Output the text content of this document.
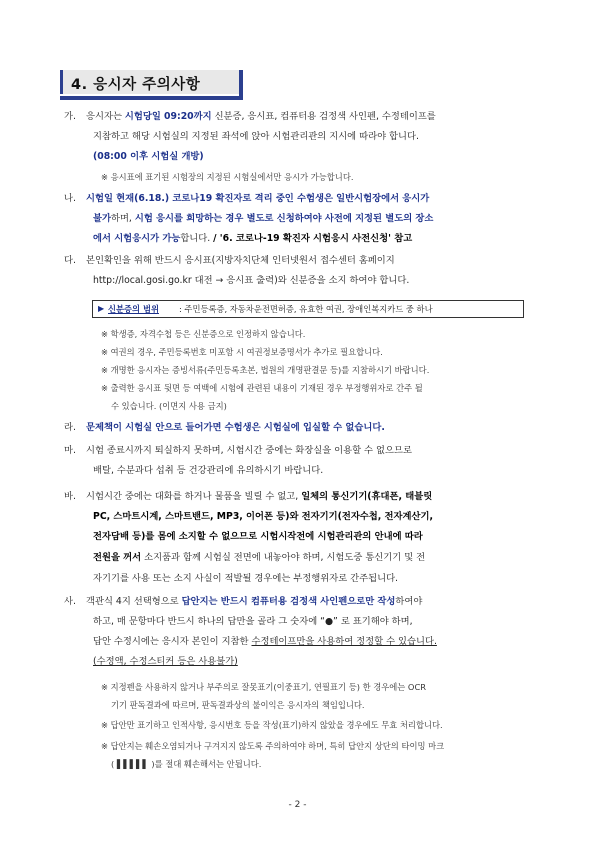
4. 응시자 주의사항
가. 응시자는 시험당일 09:20까지 신분증, 응시표, 컴퓨터용 검정색 사인펜, 수정테이프를
지참하고 해당 시험실의 지정된 좌석에 앉아 시험관리관의 지시에 따라야 합니다.
(08:00 이후 시험실 개방)
※ 응시표에 표기된 시험장의 지정된 시험실에서만 응시가 가능합니다.
나. 시험일 현재(6.18.) 코로나19 확진자로 격리 중인 수험생은 일반시험장에서 응시가
불가하며, 시험 응시를 희망하는 경우 별도로 신청하여야 사전에 지정된 별도의 장소
에서 시험응시가 가능합니다. / '6. 코로나-19 확진자 시험응시 사전신청' 참고
다. 본인확인을 위해 반드시 응시표(지방자치단체 인터넷원서 접수센터 홈페이지
http://local.gosi.go.kr 대전 → 응시표 출력)와 신분증을 소지 하여야 합니다.
▶ 신분증의 범위 : 주민등록증, 자동차운전면허증, 유효한 여권, 장애인복지카드 중 하나
※ 학생증, 자격수첩 등은 신분증으로 인정하지 않습니다.
※ 여권의 경우, 주민등록번호 미포함 시 여권정보증명서가 추가로 필요합니다.
※ 개명한 응시자는 증빙서류(주민등록초본, 법원의 개명판결문 등)를 지참하시기 바랍니다.
※ 출력한 응시표 뒷면 등 여백에 시험에 관련된 내용이 기재된 경우 부정행위자로 간주 될
수 있습니다. (이면지 사용 금지)
라. 문제책이 시험실 안으로 들어가면 수험생은 시험실에 입실할 수 없습니다.
마. 시험 종료시까지 퇴실하지 못하며, 시험시간 중에는 화장실을 이용할 수 없으므로
배탈, 수분과다 섭취 등 건강관리에 유의하시기 바랍니다.
바. 시험시간 중에는 대화를 하거나 물품을 빌릴 수 없고, 일체의 통신기기(휴대폰, 태블릿
PC, 스마트시계, 스마트밴드, MP3, 이어폰 등)와 전자기기(전자수첩, 전자계산기,
전자담배 등)를 몸에 소지할 수 없으므로 시험시작전에 시험관리관의 안내에 따라
전원을 꺼서 소지품과 함께 시험실 전면에 내놓아야 하며, 시험도중 통신기기 및 전
자기기를 사용 또는 소지 사실이 적발될 경우에는 부정행위자로 간주됩니다.
사. 객관식 4지 선택형으로 답안지는 반드시 컴퓨터용 검정색 사인펜으로만 작성하여야
하고, 매 문항마다 반드시 하나의 답만을 골라 그 숫자에 “●” 로 표기해야 하며,
답안 수정시에는 응시자 본인이 지참한 수정테이프만을 사용하여 정정할 수 있습니다.
(수정액, 수정스티커 등은 사용불가)
※ 지정펜을 사용하지 않거나 부주의로 잘못표기(이중표기, 연필표기 등) 한 경우에는 OCR
기기 판독결과에 따르며, 판독결과상의 불이익은 응시자의 책임입니다.
※ 답안만 표기하고 인적사항, 응시번호 등을 작성(표기)하지 않았을 경우에도 무효 처리합니다.
※ 답안지는 훼손오염되거나 구겨지지 않도록 주의하여야 하며, 특히 답안지 상단의 타이밍 마크
( ▌▌▌▌▌ )를 절대 훼손해서는 안됩니다.
- 2 -
